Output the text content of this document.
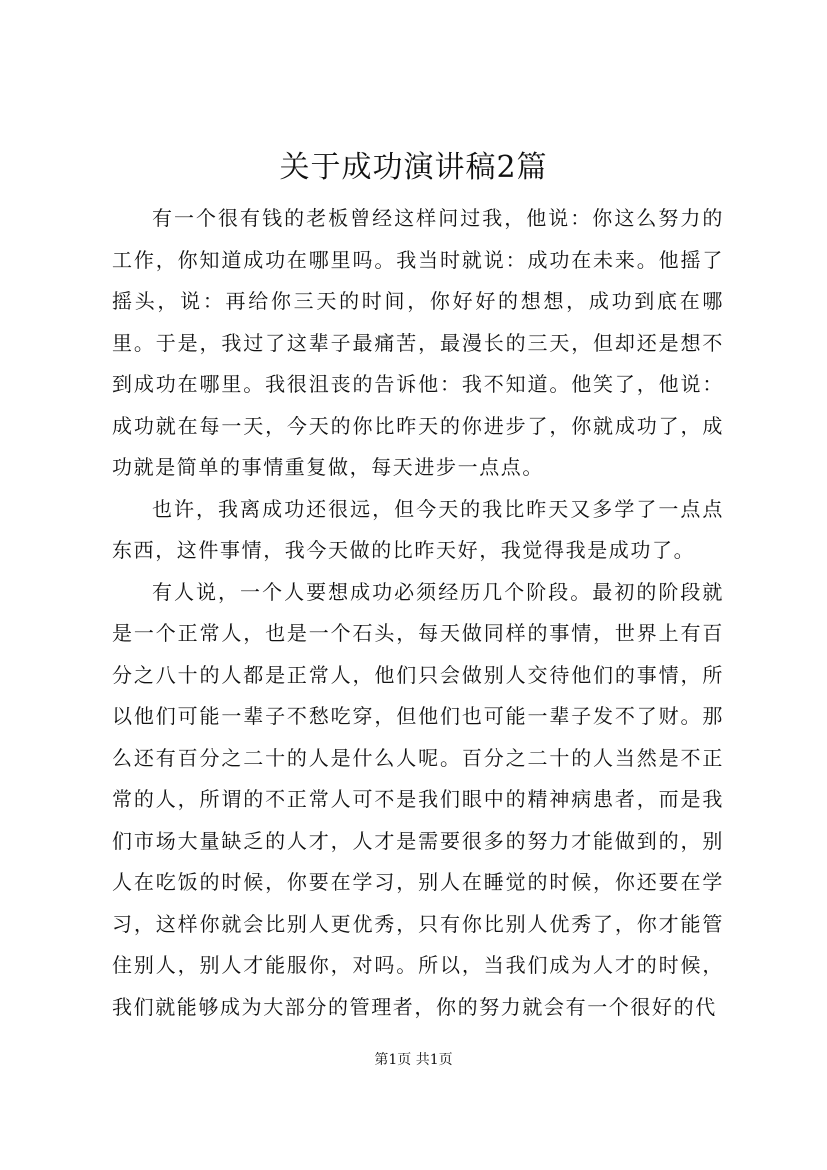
关于成功演讲稿2篇

有一个很有钱的老板曾经这样问过我，他说：你这么努力的工作，你知道成功在哪里吗。我当时就说：成功在未来。他摇了摇头，说：再给你三天的时间，你好好的想想，成功到底在哪里。于是，我过了这辈子最痛苦，最漫长的三天，但却还是想不到成功在哪里。我很沮丧的告诉他：我不知道。他笑了，他说：成功就在每一天，今天的你比昨天的你进步了，你就成功了，成功就是简单的事情重复做，每天进步一点点。

也许，我离成功还很远，但今天的我比昨天又多学了一点点东西，这件事情，我今天做的比昨天好，我觉得我是成功了。

有人说，一个人要想成功必须经历几个阶段。最初的阶段就是一个正常人，也是一个石头，每天做同样的事情，世界上有百分之八十的人都是正常人，他们只会做别人交待他们的事情，所以他们可能一辈子不愁吃穿，但他们也可能一辈子发不了财。那么还有百分之二十的人是什么人呢。百分之二十的人当然是不正常的人，所谓的不正常人可不是我们眼中的精神病患者，而是我们市场大量缺乏的人才，人才是需要很多的努力才能做到的，别人在吃饭的时候，你要在学习，别人在睡觉的时候，你还要在学习，这样你就会比别人更优秀，只有你比别人优秀了，你才能管住别人，别人才能服你，对吗。所以，当我们成为人才的时候，我们就能够成为大部分的管理者，你的努力就会有一个很好的代

第1页 共1页
